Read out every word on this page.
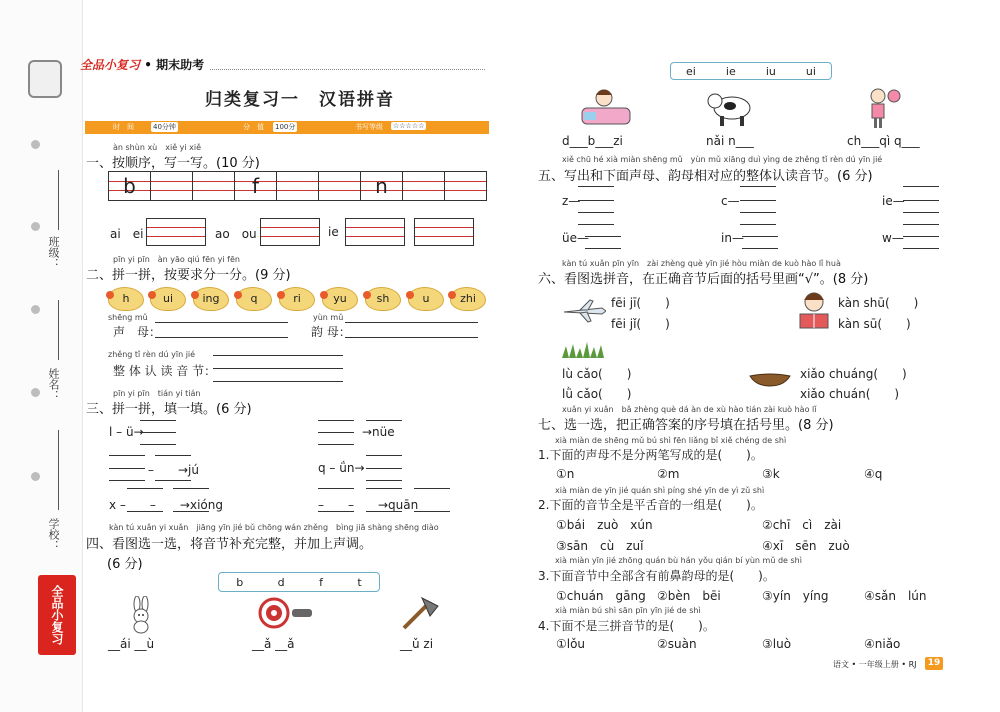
班级：
姓名：
学校：
全品小复习
全品小复习 • 期末助考
归类复习一　汉语拼音
时　间	40分钟	分　值 100分	书写等级 ☆☆☆☆☆
àn shùn xù　xiě yi xiě
一、按顺序，写一写。(10 分)
b	f	n
ai　ei	ao　ou	ie
pīn yi pīn　àn yāo qiú fēn yi fēn
二、拼一拼，按要求分一分。(9 分)
h	ui	ing	q	ri	yu	sh	u	zhi
shēng mǔ
声　母：
yùn mǔ
韵 母：
zhěng tǐ rèn dú yīn jié
整 体 认 读 音 节：
pīn yi pīn　tián yi tián
三、拼一拼，填一填。(6 分)
l – ü→	→nüe
–　　→jú	q – ǘn→
x –　　–　　→xióng	–　　–　　→quān
kàn tú xuǎn yi xuǎn　jiāng yīn jié bǔ chōng wán zhěng　bìng jiā shàng shēng diào
四、看图选一选，将音节补充完整，并加上声调。
(6 分)
b	d	f	t
__ái __ù	__ǎ __ǎ	__ǔ zi
ei	ie	iu	ui
d___b___zi	nǎi n___	ch___qì q___
xiě chū hé xià miàn shēng mǔ　yùn mǔ xiāng duì yìng de zhěng tǐ rèn dú yīn jié
五、写出和下面声母、韵母相对应的整体认读音节。(6 分)
z—	c—	ie—
üe—	in—	w—
kàn tú xuǎn pīn yīn　zài zhèng què yīn jié hòu miàn de kuò hào lǐ huà
六、看图选拼音，在正确音节后面的括号里画“√”。(8 分)
fēi jī(　　)
fēi jǐ(　　)
kàn shū(　　)
kàn sū(　　)
lù cǎo(　　)
lǜ cǎo(　　)
xiǎo chuáng(　　)
xiǎo chuán(　　)
xuǎn yi xuǎn　bǎ zhèng què dá àn de xù hào tián zài kuò hào lǐ
七、选一选，把正确答案的序号填在括号里。(8 分)
xià miàn de shēng mǔ bú shì fēn liǎng bǐ xiě chéng de shì
1.下面的声母不是分两笔写成的是(　　)。
①n	②m	③k	④q
xià miàn de yīn jié quán shì píng shé yīn de yì zǔ shì
2.下面的音节全是平舌音的一组是(　　)。
①bái　zuò　xún	②chī　cì　zài
③sān　cù　zuǐ	④xī　sēn　zuò
xià miàn yīn jié zhōng quán bù hán yǒu qián bí yùn mǔ de shì
3.下面音节中全部含有前鼻韵母的是(　　)。
①chuán　gāng ②bèn　bēi	③yín　yíng	④sǎn　lún
xià miàn bú shì sān pīn yīn jié de shì
4.下面不是三拼音节的是(　　)。
①lǒu	②suàn	③luò	④niǎo
语文 • 一年级上册 • RJ	19
